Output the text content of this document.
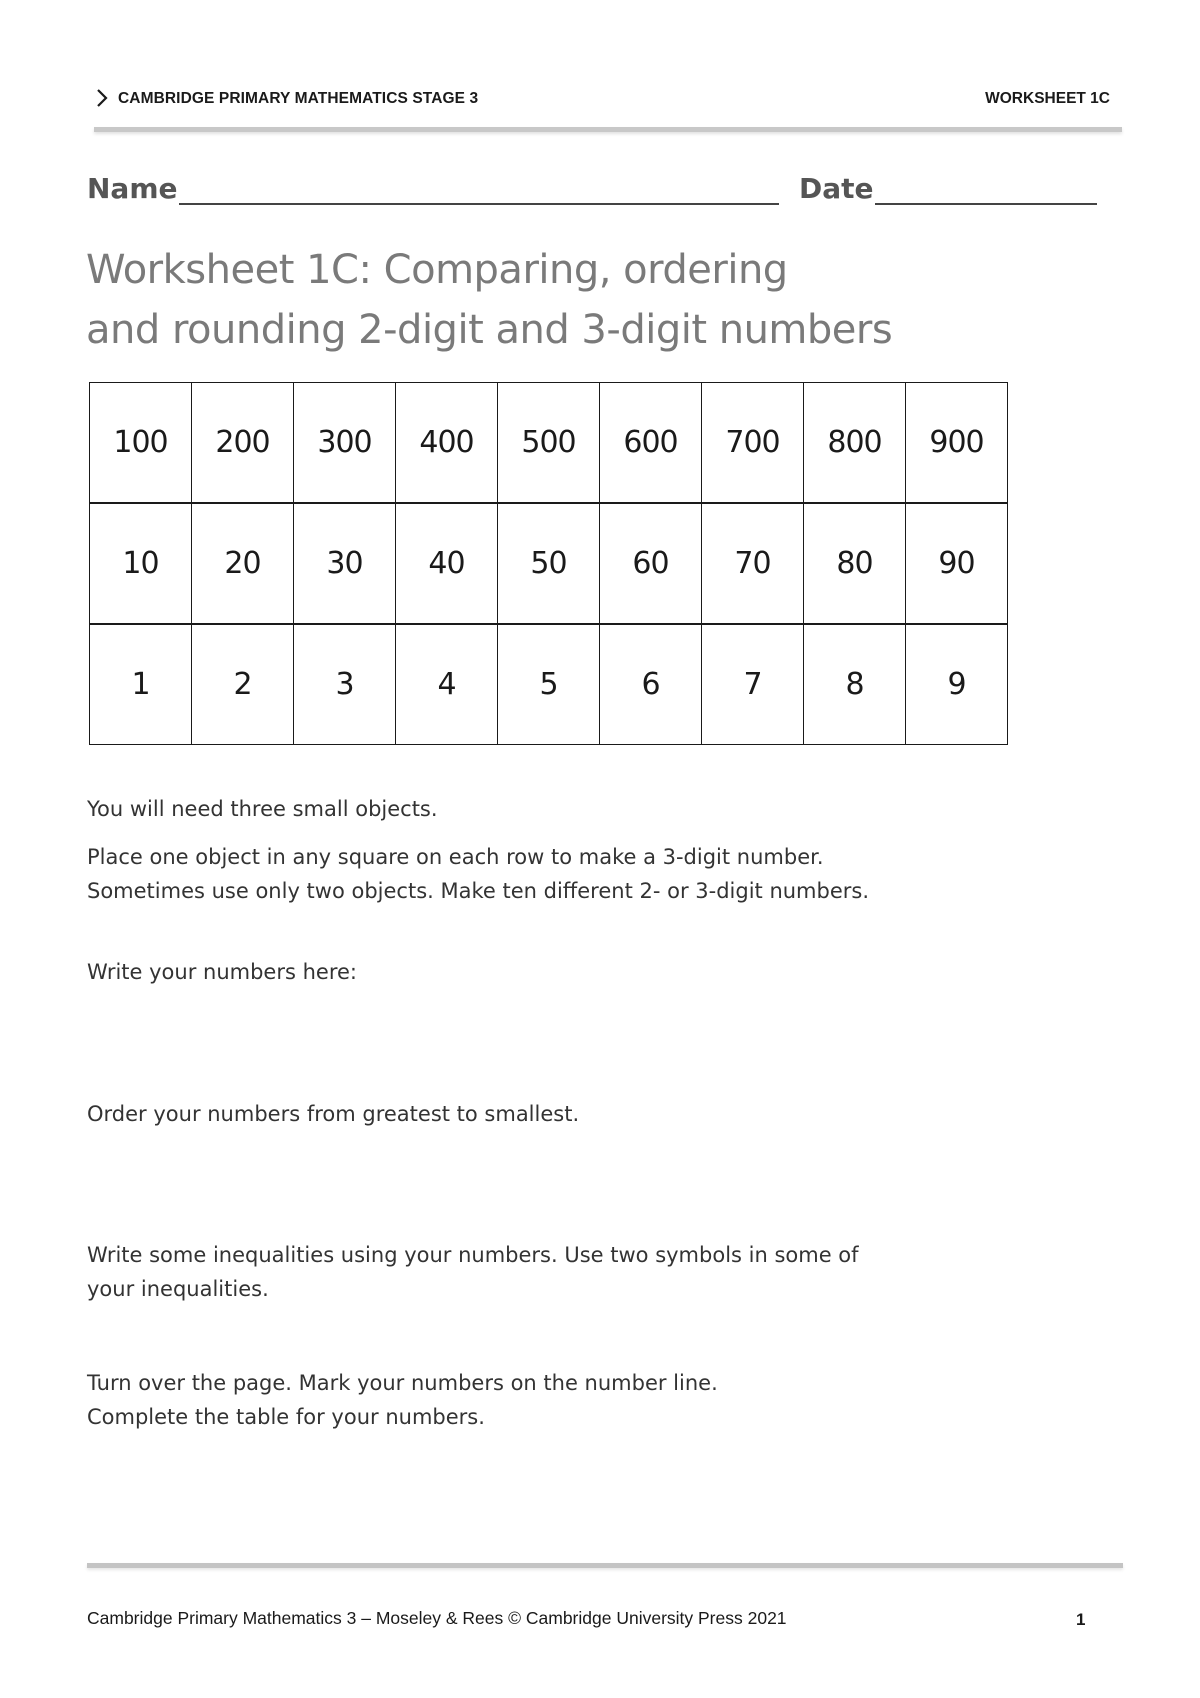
CAMBRIDGE PRIMARY MATHEMATICS STAGE 3	WORKSHEET 1C
Name	Date
Worksheet 1C: Comparing, ordering
and rounding 2-digit and 3-digit numbers
100	200	300	400	500	600	700	800	900
10	20	30	40	50	60	70	80	90
1	2	3	4	5	6	7	8	9

You will need three small objects.

Place one object in any square on each row to make a 3-digit number.
Sometimes use only two objects. Make ten different 2- or 3-digit numbers.

Write your numbers here:

Order your numbers from greatest to smallest.

Write some inequalities using your numbers. Use two symbols in some of
your inequalities.

Turn over the page. Mark your numbers on the number line.
Complete the table for your numbers.

Cambridge Primary Mathematics 3 – Moseley & Rees © Cambridge University Press 2021	1
